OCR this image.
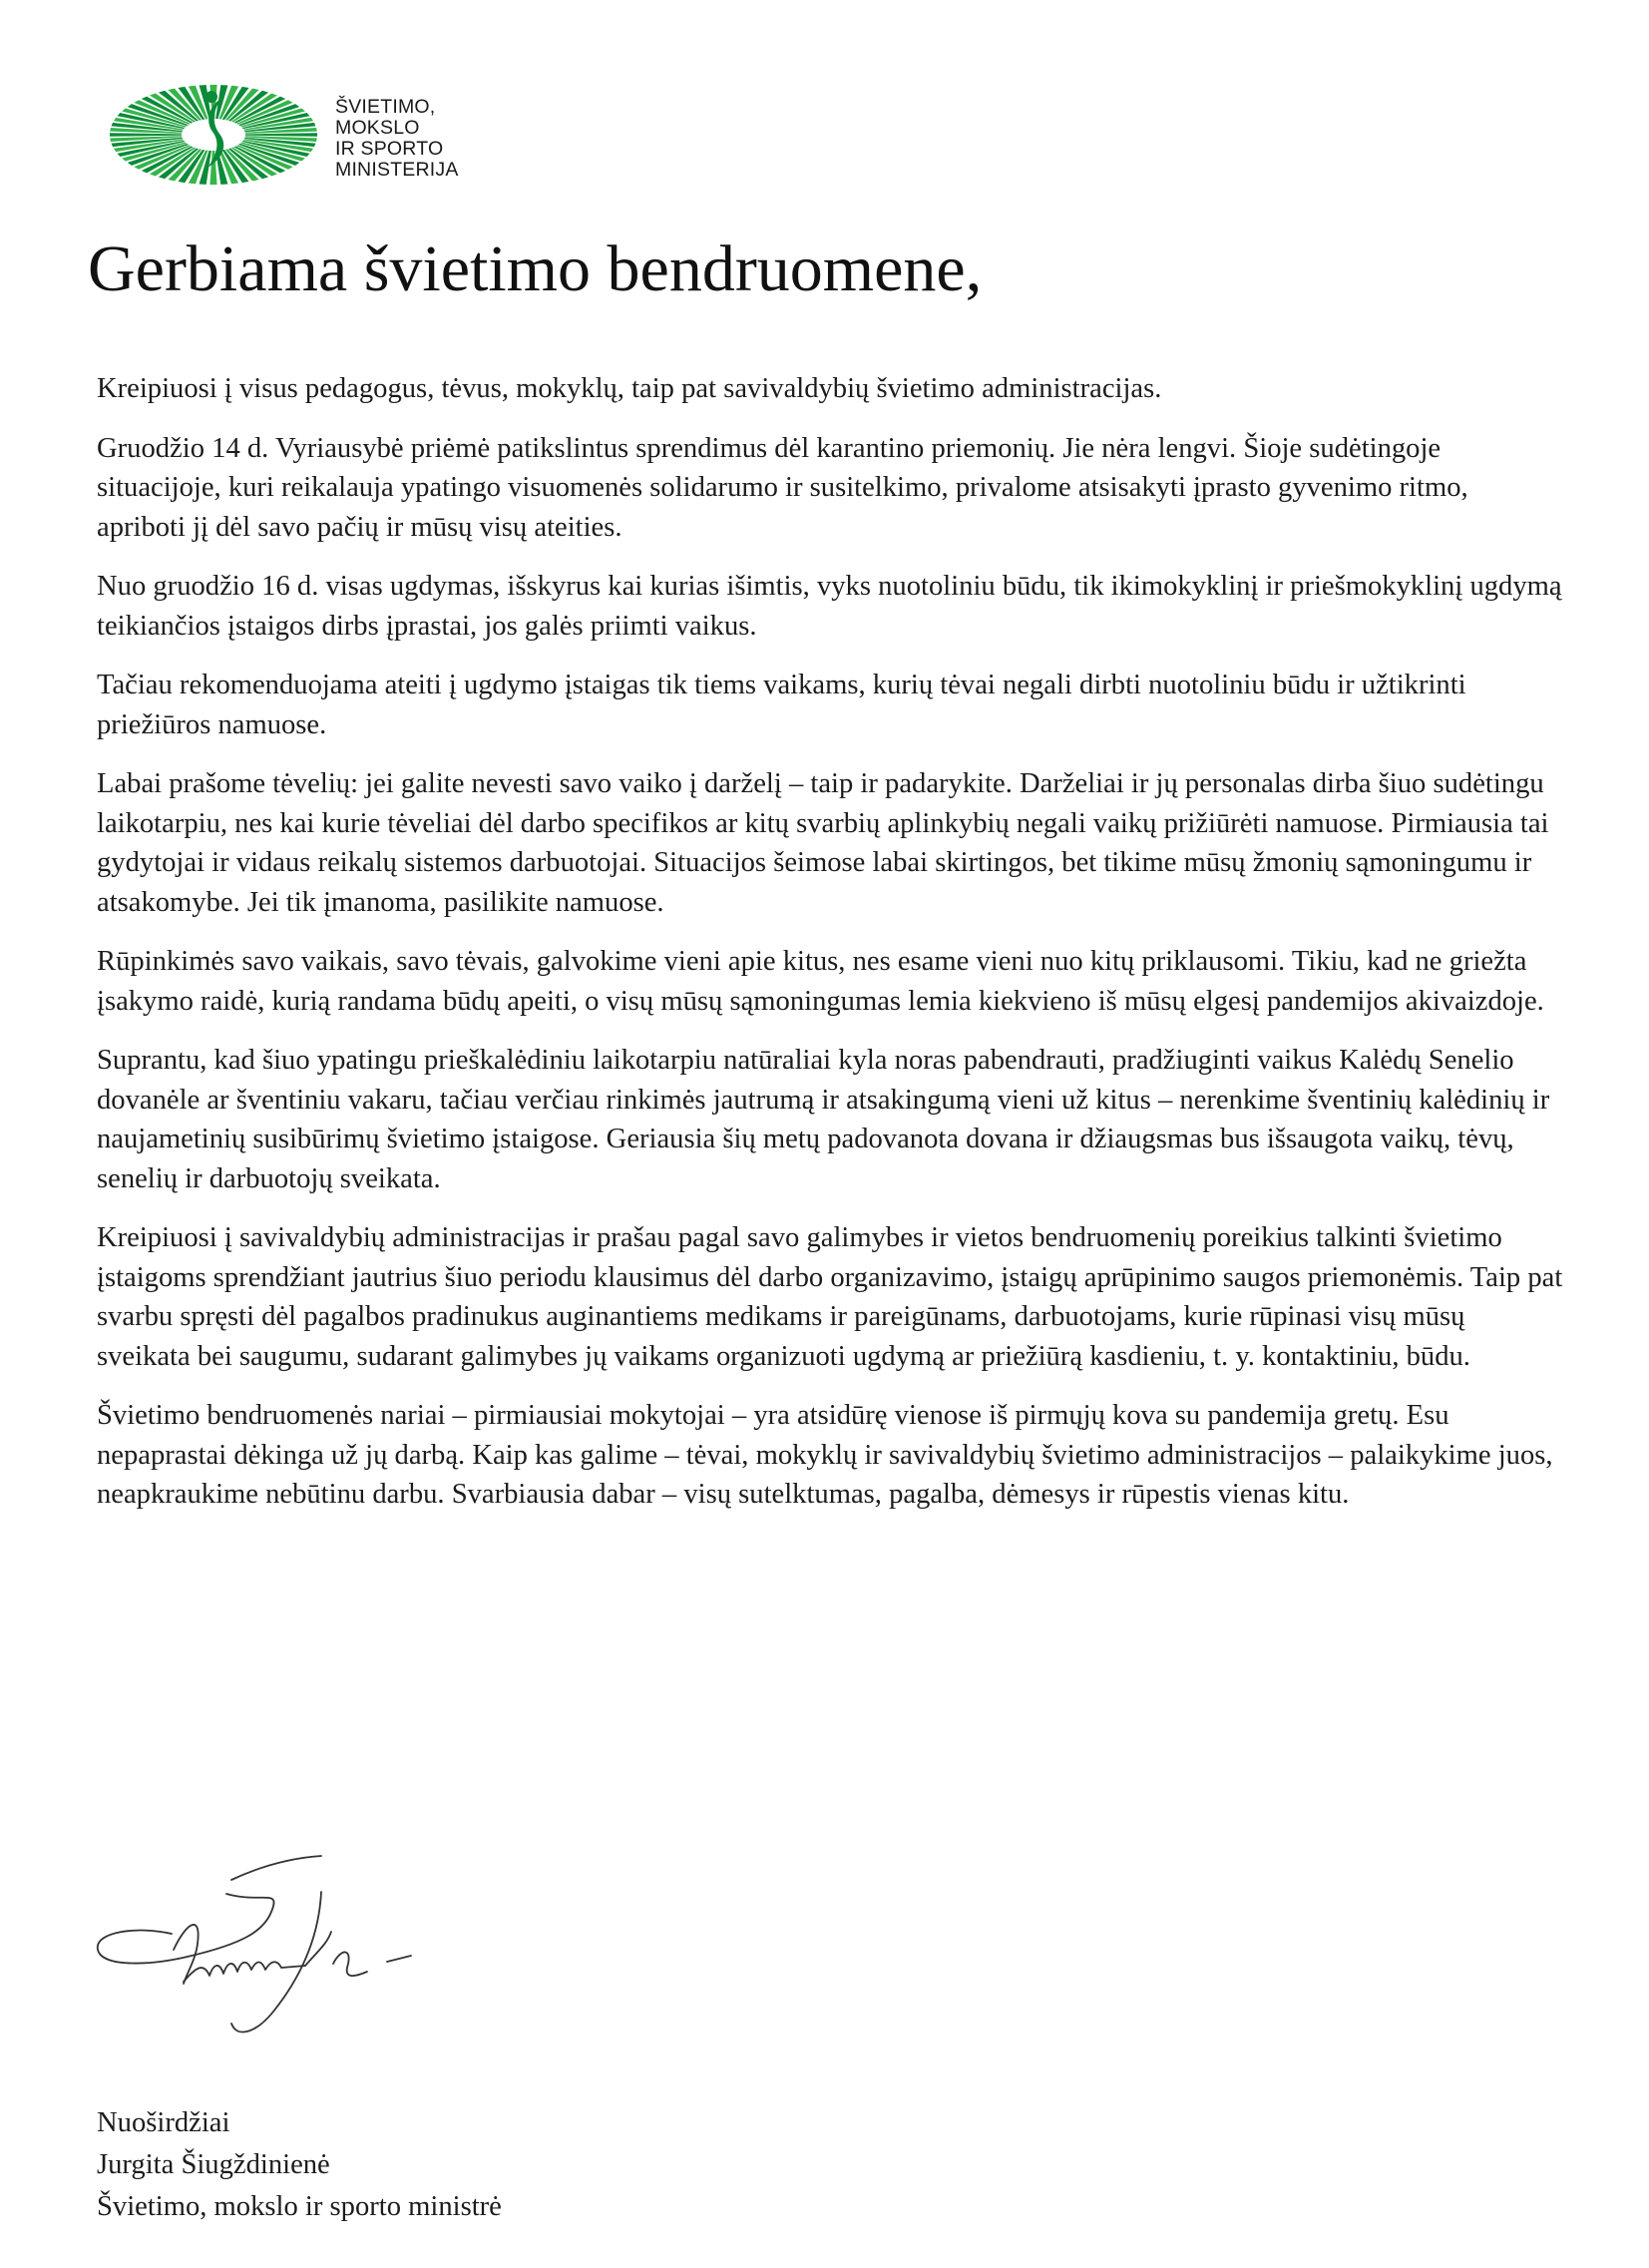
ŠVIETIMO,
MOKSLO
IR SPORTO
MINISTERIJA
Gerbiama švietimo bendruomene,

Kreipiuosi į visus pedagogus, tėvus, mokyklų, taip pat savivaldybių švietimo administracijas.

Gruodžio 14 d. Vyriausybė priėmė patikslintus sprendimus dėl karantino priemonių. Jie nėra lengvi. Šioje sudėtingoje situacijoje, kuri reikalauja ypatingo visuomenės solidarumo ir susitelkimo, privalome atsisakyti įprasto gyvenimo ritmo, apriboti jį dėl savo pačių ir mūsų visų ateities.

Nuo gruodžio 16 d. visas ugdymas, išskyrus kai kurias išimtis, vyks nuotoliniu būdu, tik ikimokyklinį ir priešmokyklinį ugdymą teikiančios įstaigos dirbs įprastai, jos galės priimti vaikus.

Tačiau rekomenduojama ateiti į ugdymo įstaigas tik tiems vaikams, kurių tėvai negali dirbti nuotoliniu būdu ir užtikrinti priežiūros namuose.

Labai prašome tėvelių: jei galite nevesti savo vaiko į darželį – taip ir padarykite. Darželiai ir jų personalas dirba šiuo sudėtingu laikotarpiu, nes kai kurie tėveliai dėl darbo specifikos ar kitų svarbių aplinkybių negali vaikų prižiūrėti namuose. Pirmiausia tai gydytojai ir vidaus reikalų sistemos darbuotojai. Situacijos šeimose labai skirtingos, bet tikime mūsų žmonių sąmoningumu ir atsakomybe. Jei tik įmanoma, pasilikite namuose.

Rūpinkimės savo vaikais, savo tėvais, galvokime vieni apie kitus, nes esame vieni nuo kitų priklausomi. Tikiu, kad ne griežta įsakymo raidė, kurią randama būdų apeiti, o visų mūsų sąmoningumas lemia kiekvieno iš mūsų elgesį pandemijos akivaizdoje.

Suprantu, kad šiuo ypatingu prieškalėdiniu laikotarpiu natūraliai kyla noras pabendrauti, pradžiuginti vaikus Kalėdų Senelio dovanėle ar šventiniu vakaru, tačiau verčiau rinkimės jautrumą ir atsakingumą vieni už kitus – nerenkime šventinių kalėdinių ir naujametinių susibūrimų švietimo įstaigose. Geriausia šių metų padovanota dovana ir džiaugsmas bus išsaugota vaikų, tėvų, senelių ir darbuotojų sveikata.

Kreipiuosi į savivaldybių administracijas ir prašau pagal savo galimybes ir vietos bendruomenių poreikius talkinti švietimo įstaigoms sprendžiant jautrius šiuo periodu klausimus dėl darbo organizavimo, įstaigų aprūpinimo saugos priemonėmis. Taip pat svarbu spręsti dėl pagalbos pradinukus auginantiems medikams ir pareigūnams, darbuotojams, kurie rūpinasi visų mūsų sveikata bei saugumu, sudarant galimybes jų vaikams organizuoti ugdymą ar priežiūrą kasdieniu, t. y. kontaktiniu, būdu.

Švietimo bendruomenės nariai – pirmiausiai mokytojai – yra atsidūrę vienose iš pirmųjų kova su pandemija gretų. Esu nepaprastai dėkinga už jų darbą. Kaip kas galime – tėvai, mokyklų ir savivaldybių švietimo administracijos – palaikykime juos, neapkraukime nebūtinu darbu. Svarbiausia dabar – visų sutelktumas, pagalba, dėmesys ir rūpestis vienas kitu.

Nuoširdžiai
Jurgita Šiugždinienė
Švietimo, mokslo ir sporto ministrė
